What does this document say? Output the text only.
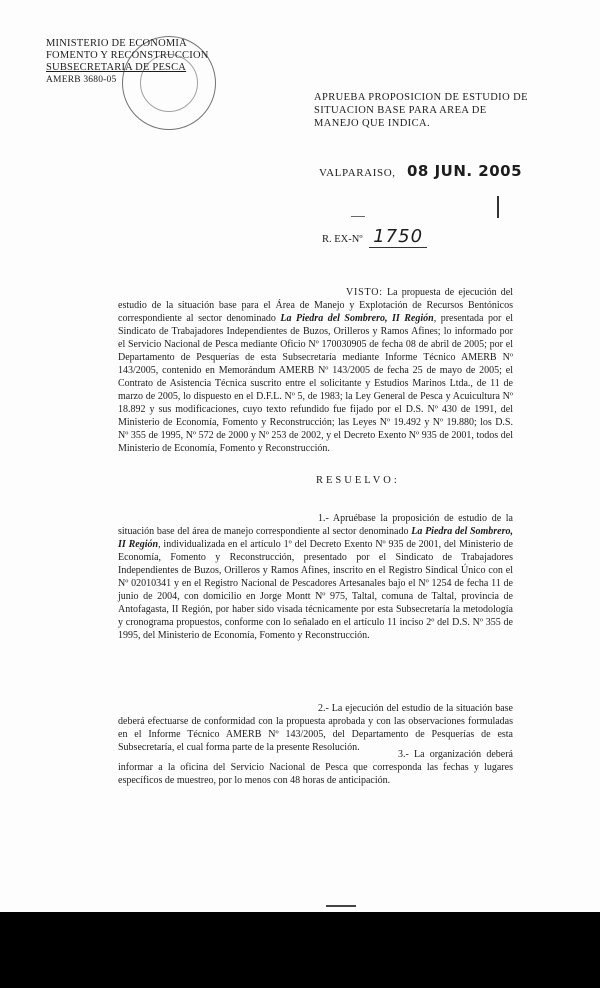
MINISTERIO DE ECONOMIA
FOMENTO Y RECONSTRUCCION
SUBSECRETARIA DE PESCA
AMERB 3680-05
APRUEBA PROPOSICION DE ESTUDIO DE SITUACION BASE PARA AREA DE MANEJO QUE INDICA.
VALPARAISO, 08 JUN. 2005
R. EX-Nº 1750
VISTO: La propuesta de ejecución del estudio de la situación base para el Área de Manejo y Explotación de Recursos Bentónicos correspondiente al sector denominado La Piedra del Sombrero, II Región, presentada por el Sindicato de Trabajadores Independientes de Buzos, Orilleros y Ramos Afines; lo informado por el Servicio Nacional de Pesca mediante Oficio Nº 170030905 de fecha 08 de abril de 2005; por el Departamento de Pesquerías de esta Subsecretaría mediante Informe Técnico AMERB Nº 143/2005, contenido en Memorándum AMERB Nº 143/2005 de fecha 25 de mayo de 2005; el Contrato de Asistencia Técnica suscrito entre el solicitante y Estudios Marinos Ltda., de 11 de marzo de 2005, lo dispuesto en el D.F.L. Nº 5, de 1983; la Ley General de Pesca y Acuicultura Nº 18.892 y sus modificaciones, cuyo texto refundido fue fijado por el D.S. Nº 430 de 1991, del Ministerio de Economía, Fomento y Reconstrucción; las Leyes Nº 19.492 y Nº 19.880; los D.S. Nº 355 de 1995, Nº 572 de 2000 y Nº 253 de 2002, y el Decreto Exento Nº 935 de 2001, todos del Ministerio de Economía, Fomento y Reconstrucción.
RESUELVO:
1.- Apruébase la proposición de estudio de la situación base del área de manejo correspondiente al sector denominado La Piedra del Sombrero, II Región, individualizada en el artículo 1º del Decreto Exento Nº 935 de 2001, del Ministerio de Economía, Fomento y Reconstrucción, presentado por el Sindicato de Trabajadores Independientes de Buzos, Orilleros y Ramos Afines, inscrito en el Registro Sindical Único con el Nº 02010341 y en el Registro Nacional de Pescadores Artesanales bajo el Nº 1254 de fecha 11 de junio de 2004, con domicilio en Jorge Montt Nº 975, Taltal, comuna de Taltal, provincia de Antofagasta, II Región, por haber sido visada técnicamente por esta Subsecretaría la metodología y cronograma propuestos, conforme con lo señalado en el artículo 11 inciso 2º del D.S. Nº 355 de 1995, del Ministerio de Economía, Fomento y Reconstrucción.
2.- La ejecución del estudio de la situación base deberá efectuarse de conformidad con la propuesta aprobada y con las observaciones formuladas en el Informe Técnico AMERB Nº 143/2005, del Departamento de Pesquerías de esta Subsecretaría, el cual forma parte de la presente Resolución.
3.- La organización deberá informar a la oficina del Servicio Nacional de Pesca que corresponda las fechas y lugares específicos de muestreo, por lo menos con 48 horas de anticipación.
